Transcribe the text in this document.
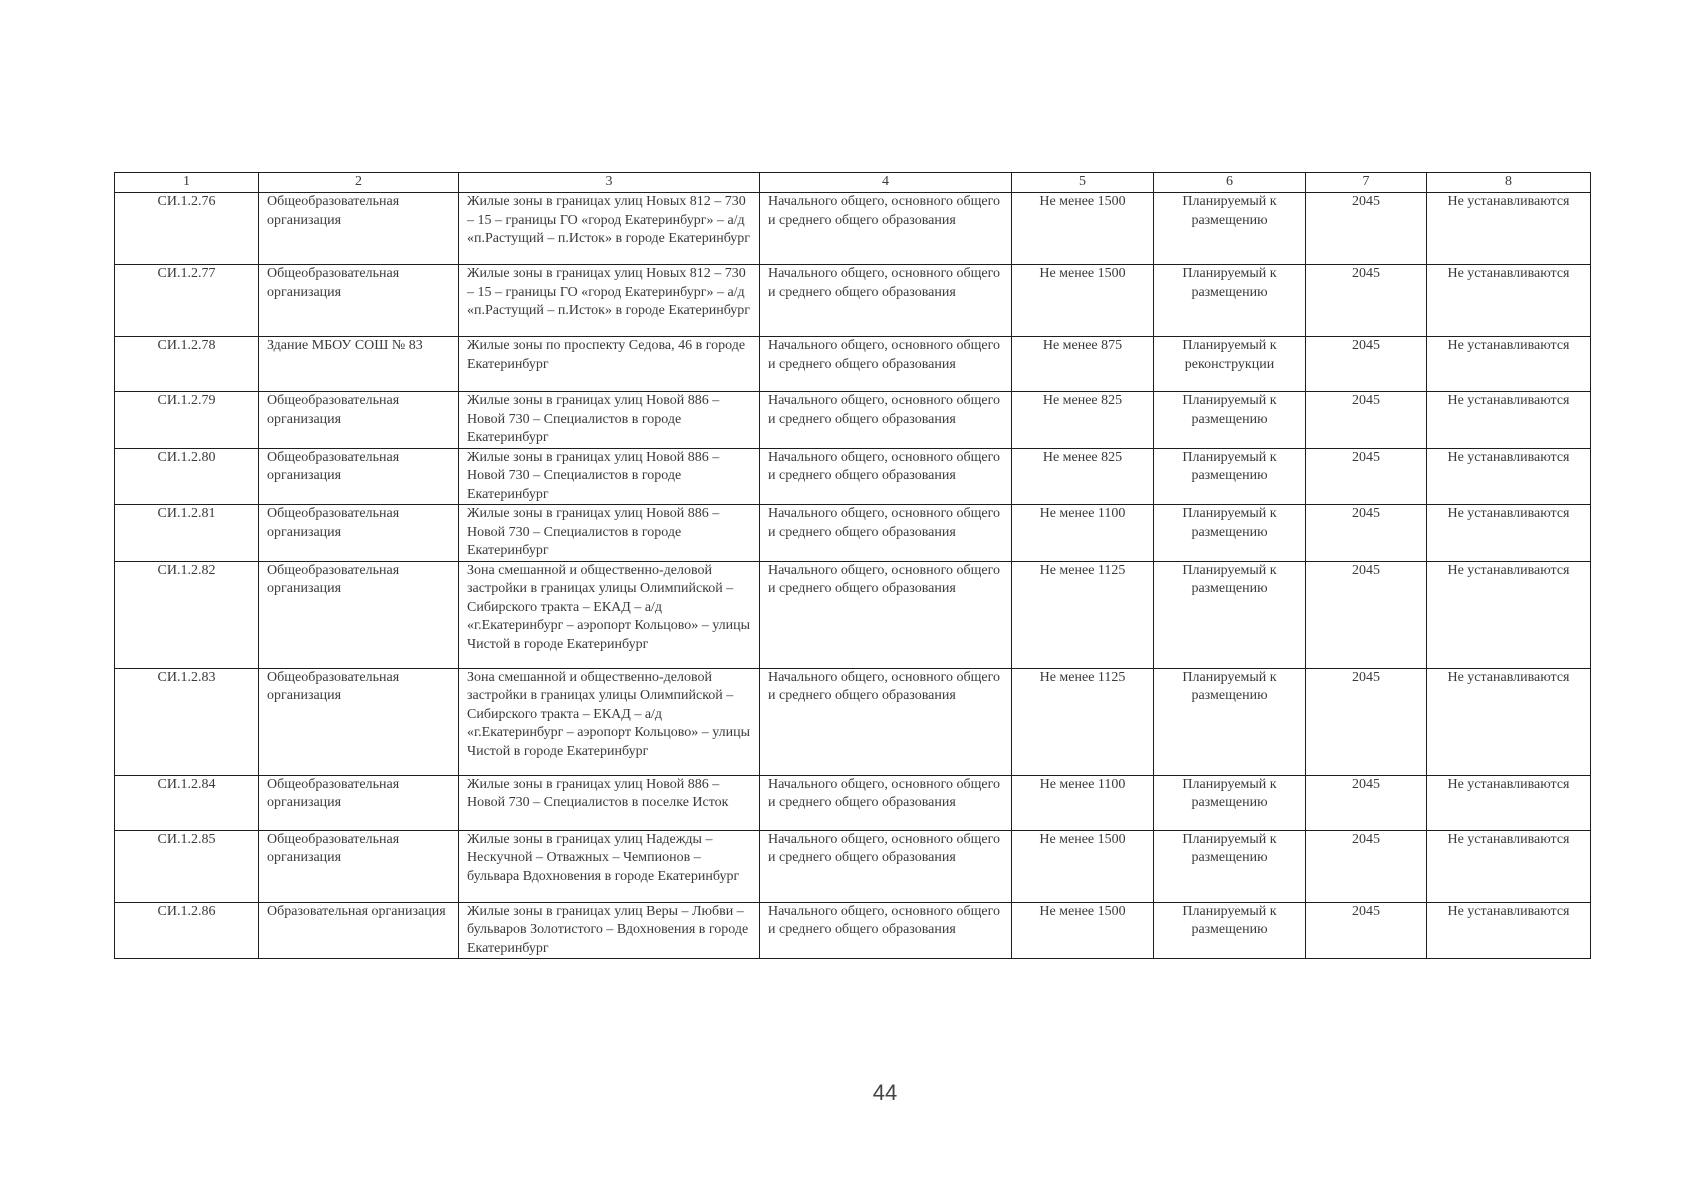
1	2	3	4	5	6	7	8
СИ.1.2.76	Общеобразовательная организация	Жилые зоны в границах улиц Новых 812 – 730 – 15 – границы ГО «город Екатеринбург» – а/д «п.Растущий – п.Исток» в городе Екатеринбург	Начального общего, основного общего и среднего общего образования	Не менее 1500	Планируемый к размещению	2045	Не устанавливаются
СИ.1.2.77	Общеобразовательная организация	Жилые зоны в границах улиц Новых 812 – 730 – 15 – границы ГО «город Екатеринбург» – а/д «п.Растущий – п.Исток» в городе Екатеринбург	Начального общего, основного общего и среднего общего образования	Не менее 1500	Планируемый к размещению	2045	Не устанавливаются
СИ.1.2.78	Здание МБОУ СОШ № 83	Жилые зоны по проспекту Седова, 46 в городе Екатеринбург	Начального общего, основного общего и среднего общего образования	Не менее 875	Планируемый к реконструкции	2045	Не устанавливаются
СИ.1.2.79	Общеобразовательная организация	Жилые зоны в границах улиц Новой 886 – Новой 730 – Специалистов в городе Екатеринбург	Начального общего, основного общего и среднего общего образования	Не менее 825	Планируемый к размещению	2045	Не устанавливаются
СИ.1.2.80	Общеобразовательная организация	Жилые зоны в границах улиц Новой 886 – Новой 730 – Специалистов в городе Екатеринбург	Начального общего, основного общего и среднего общего образования	Не менее 825	Планируемый к размещению	2045	Не устанавливаются
СИ.1.2.81	Общеобразовательная организация	Жилые зоны в границах улиц Новой 886 – Новой 730 – Специалистов в городе Екатеринбург	Начального общего, основного общего и среднего общего образования	Не менее 1100	Планируемый к размещению	2045	Не устанавливаются
СИ.1.2.82	Общеобразовательная организация	Зона смешанной и общественно-деловой застройки в границах улицы Олимпийской – Сибирского тракта – ЕКАД – а/д «г.Екатеринбург – аэропорт Кольцово» – улицы Чистой в городе Екатеринбург	Начального общего, основного общего и среднего общего образования	Не менее 1125	Планируемый к размещению	2045	Не устанавливаются
СИ.1.2.83	Общеобразовательная организация	Зона смешанной и общественно-деловой застройки в границах улицы Олимпийской – Сибирского тракта – ЕКАД – а/д «г.Екатеринбург – аэропорт Кольцово» – улицы Чистой в городе Екатеринбург	Начального общего, основного общего и среднего общего образования	Не менее 1125	Планируемый к размещению	2045	Не устанавливаются
СИ.1.2.84	Общеобразовательная организация	Жилые зоны в границах улиц Новой 886 – Новой 730 – Специалистов в поселке Исток	Начального общего, основного общего и среднего общего образования	Не менее 1100	Планируемый к размещению	2045	Не устанавливаются
СИ.1.2.85	Общеобразовательная организация	Жилые зоны в границах улиц Надежды – Нескучной – Отважных – Чемпионов – бульвара Вдохновения в городе Екатеринбург	Начального общего, основного общего и среднего общего образования	Не менее 1500	Планируемый к размещению	2045	Не устанавливаются
СИ.1.2.86	Образовательная организация	Жилые зоны в границах улиц Веры – Любви – бульваров Золотистого – Вдохновения в городе Екатеринбург	Начального общего, основного общего и среднего общего образования	Не менее 1500	Планируемый к размещению	2045	Не устанавливаются
44
